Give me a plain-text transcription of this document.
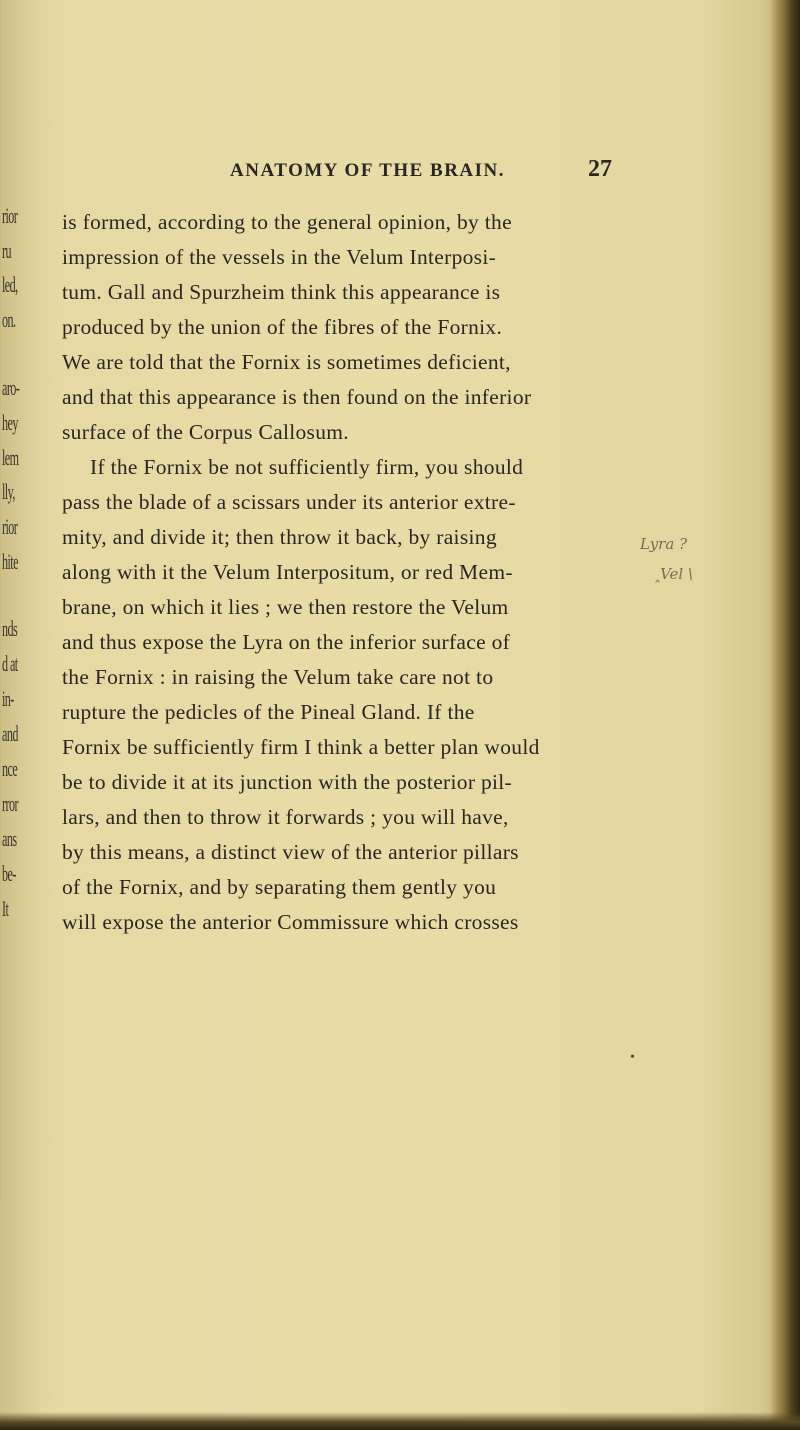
rior
ru
led,
on.
aro-
hey
lem
lly,
rior
hite
nds
d at
in-
and
nce
rror
ans
be-
It
ANATOMY OF THE BRAIN.	27
is formed, according to the general opinion, by the
impression of the vessels in the Velum Interposi-
tum. Gall and Spurzheim think this appearance is
produced by the union of the fibres of the Fornix.
We are told that the Fornix is sometimes deficient,
and that this appearance is then found on the inferior
surface of the Corpus Callosum.
If the Fornix be not sufficiently firm, you should
pass the blade of a scissars under its anterior extre-
mity, and divide it; then throw it back, by raising
along with it the Velum Interpositum, or red Mem-
brane, on which it lies ; we then restore the Velum
and thus expose the Lyra on the inferior surface of
the Fornix : in raising the Velum take care not to
rupture the pedicles of the Pineal Gland. If the
Fornix be sufficiently firm I think a better plan would
be to divide it at its junction with the posterior pil-
lars, and then to throw it forwards ; you will have,
by this means, a distinct view of the anterior pillars
of the Fornix, and by separating them gently you
will expose the anterior Commissure which crosses
Lyra ?
‸Vel \
•
